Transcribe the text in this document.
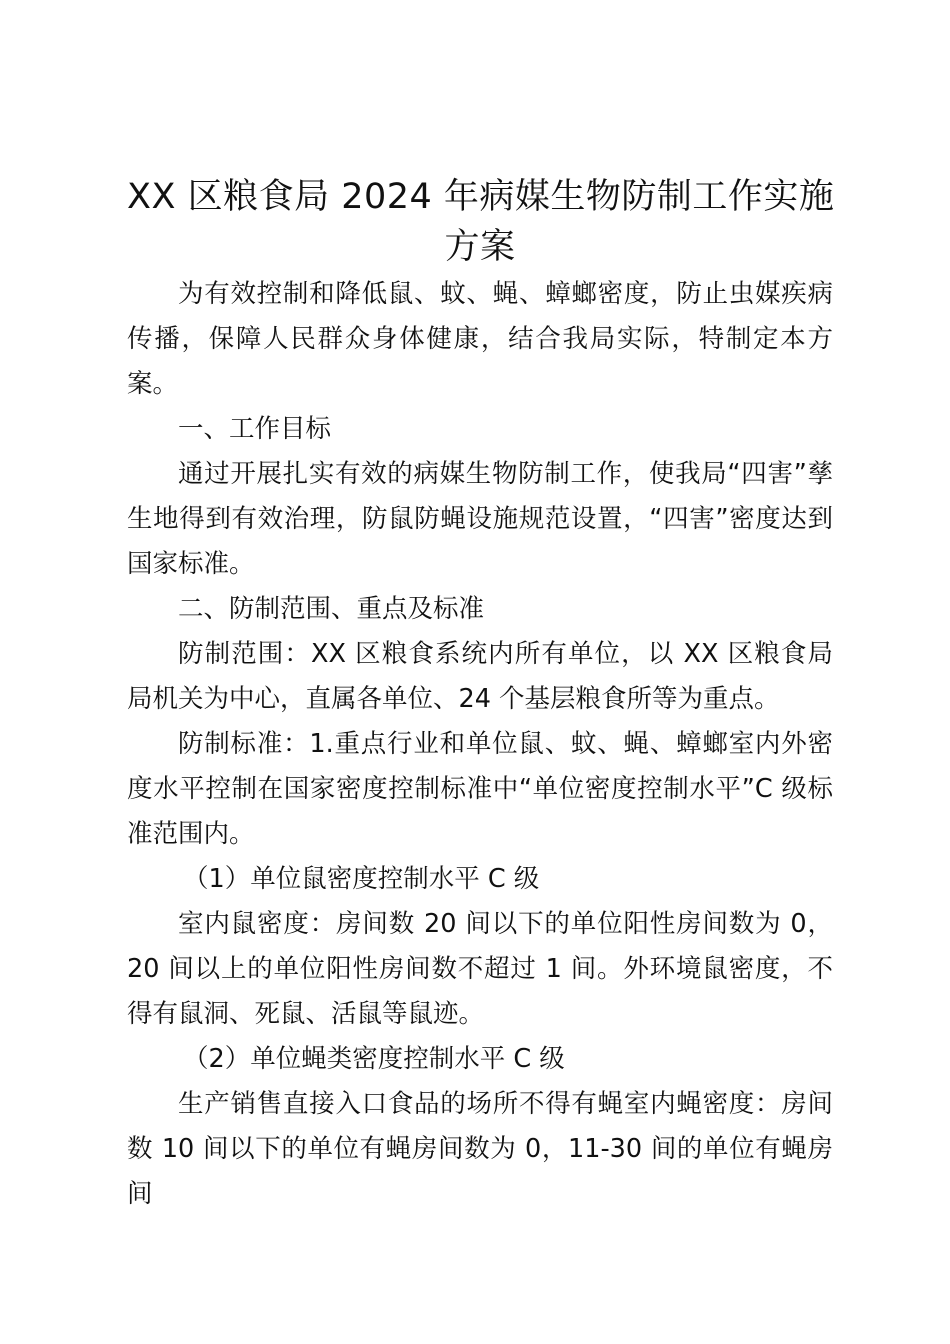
XX 区粮食局 2024 年病媒生物防制工作实施
方案

为有效控制和降低鼠、蚊、蝇、蟑螂密度，防止虫媒疾病传播，保障人民群众身体健康，结合我局实际，特制定本方案。

一、工作目标

通过开展扎实有效的病媒生物防制工作，使我局“四害”孳生地得到有效治理，防鼠防蝇设施规范设置，“四害”密度达到国家标准。

二、防制范围、重点及标准

防制范围：XX 区粮食系统内所有单位，以 XX 区粮食局局机关为中心，直属各单位、24 个基层粮食所等为重点。

防制标准：1.重点行业和单位鼠、蚊、蝇、蟑螂室内外密度水平控制在国家密度控制标准中“单位密度控制水平”C 级标准范围内。

（1）单位鼠密度控制水平 C 级

室内鼠密度：房间数 20 间以下的单位阳性房间数为 0，20 间以上的单位阳性房间数不超过 1 间。外环境鼠密度，不得有鼠洞、死鼠、活鼠等鼠迹。

（2）单位蝇类密度控制水平 C 级

生产销售直接入口食品的场所不得有蝇室内蝇密度：房间数 10 间以下的单位有蝇房间数为 0，11-30 间的单位有蝇房间
